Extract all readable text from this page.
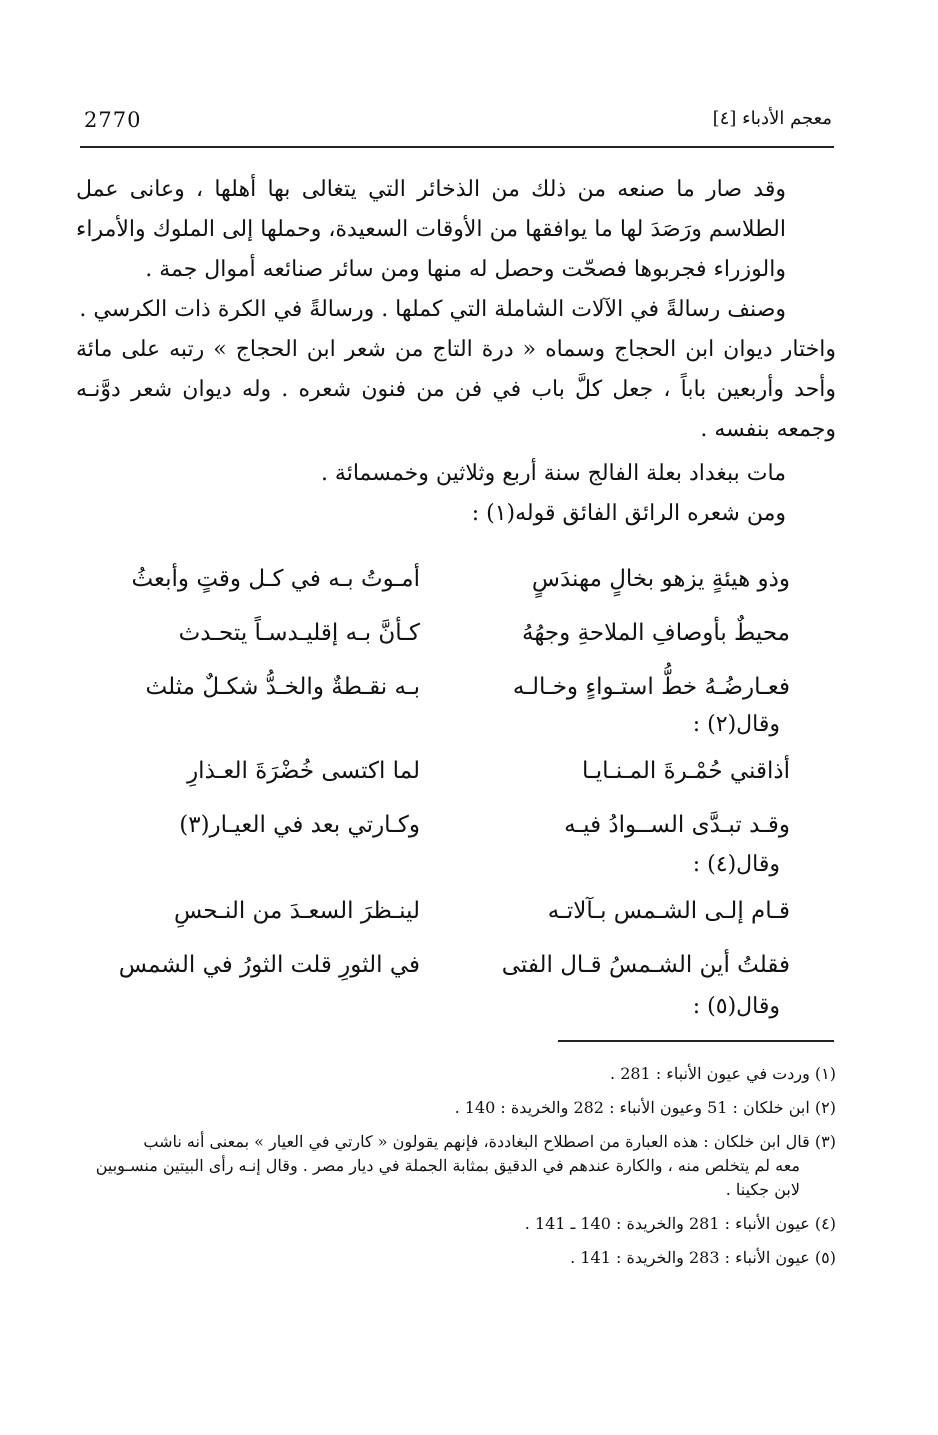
2770	معجم الأدباء [٤]

وقد صار ما صنعه من ذلك من الذخائر التي يتغالى بها أهلها ، وعانى عمل الطلاسم ورَصَدَ لها ما يوافقها من الأوقات السعيدة، وحملها إلى الملوك والأمراء والوزراء فجربوها فصحّت وحصل له منها ومن سائر صنائعه أموال جمة .

وصنف رسالةً في الآلات الشاملة التي كملها . ورسالةً في الكرة ذات الكرسي .

واختار ديوان ابن الحجاج وسماه « درة التاج من شعر ابن الحجاج » رتبه على مائة وأحد وأربعين باباً ، جعل كلَّ باب في فن من فنون شعره . وله ديوان شعر دوَّنـه وجمعه بنفسه .

مات ببغداد بعلة الفالج سنة أربع وثلاثين وخمسمائة .

ومن شعره الرائق الفائق قوله(١) :

وذو هيئةٍ يزهو بخالٍ مهندَسٍ
أمـوتُ بـه في كـل وقتٍ وأبعثُ
محيطٌ بأوصافِ الملاحةِ وجهُهُ
كـأنَّ بـه إقليـدسـاً يتحـدث
فعـارضُـهُ خطُّ استـواءٍ وخـالـه
بـه نقـطةٌ والخـدُّ شكـلٌ مثلث
وقال(٢) :
أذاقني حُمْـرةَ المـنـايـا
لما اكتسى خُضْرَةَ العـذارِ
وقـد تبـدَّى الســوادُ فيـه
وكـارتي بعد في العيـار(٣)
وقال(٤) :
قـام إلـى الشـمس بـآلاتـه
لينـظرَ السعـدَ من النـحسِ
فقلتُ أين الشـمسُ قـال الفتى
في الثورِ قلت الثورُ في الشمس
وقال(٥) :

(١) وردت في عيون الأنباء : 281 .

(٢) ابن خلكان : 51 وعيون الأنباء : 282 والخريدة : 140 .

(٣) قال ابن خلكان : هذه العبارة من اصطلاح البغاددة، فإنهم يقولون « كارتي في العيار » بمعنى أنه ناشب
معه لم يتخلص منه ، والكارة عندهم في الدقيق بمثابة الجملة في ديار مصر . وقال إنـه رأى البيتين منسـوبين لابن جكينا .

(٤) عيون الأنباء : 281 والخريدة : 140 ـ 141 .

(٥) عيون الأنباء : 283 والخريدة : 141 .
